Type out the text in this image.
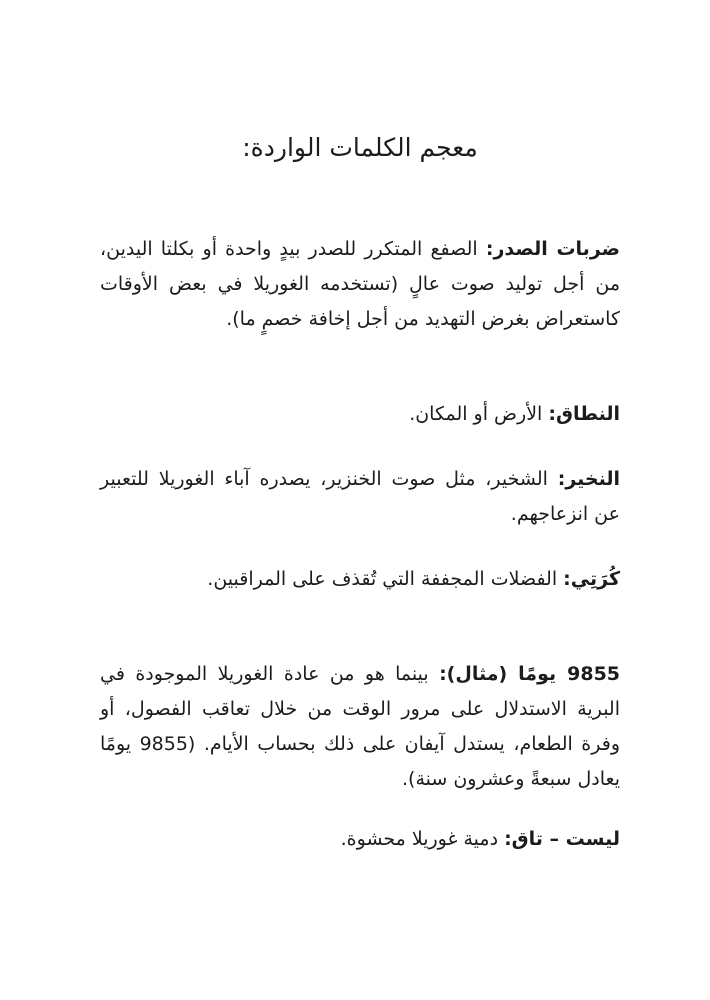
معجم الكلمات الواردة:

ضربات الصدر: الصفع المتكرر للصدر بيدٍ واحدة أو بكلتا اليدين، من أجل توليد صوت عالٍ (تستخدمه الغوريلا في بعض الأوقات كاستعراض بغرض التهديد من أجل إخافة خصمٍ ما).

النطاق: الأرض أو المكان.

النخير: الشخير، مثل صوت الخنزير، يصدره آباء الغوريلا للتعبير عن انزعاجهم.

كُرَتِي: الفضلات المجففة التي تُقذف على المراقبين.

9855 يومًا (مثال): بينما هو من عادة الغوريلا الموجودة في البرية الاستدلال على مرور الوقت من خلال تعاقب الفصول، أو وفرة الطعام، يستدل آيفان على ذلك بحساب الأيام. (9855 يومًا يعادل سبعةً وعشرون سنة).

ليست – تاق: دمية غوريلا محشوة.
